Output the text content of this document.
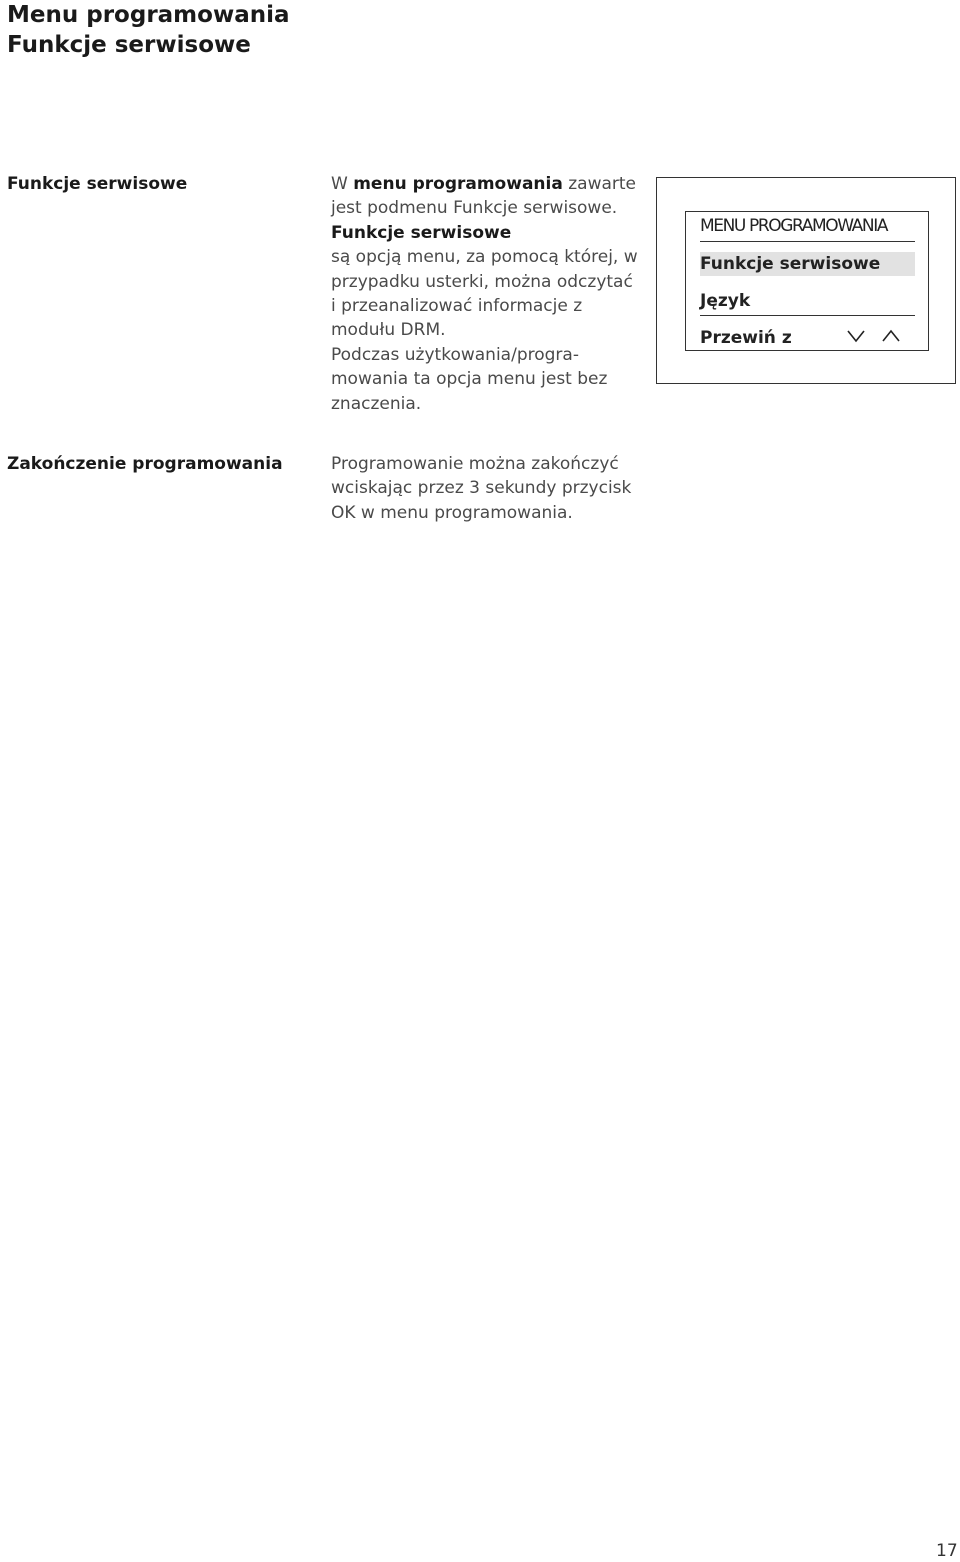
Menu programowania
Funkcje serwisowe
Funkcje serwisowe	W menu programowania zawarte
jest podmenu Funkcje serwisowe.
Funkcje serwisowe
są opcją menu, za pomocą której, w
przypadku usterki, można odczytać
i przeanalizować informacje z
modułu DRM.
Podczas użytkowania/progra-
mowania ta opcja menu jest bez
znaczenia.
MENU PROGRAMOWANIA
Funkcje serwisowe
Język
Przewiń z
Zakończenie programowania	Programowanie można zakończyć
wciskając przez 3 sekundy przycisk
OK w menu programowania.
17
